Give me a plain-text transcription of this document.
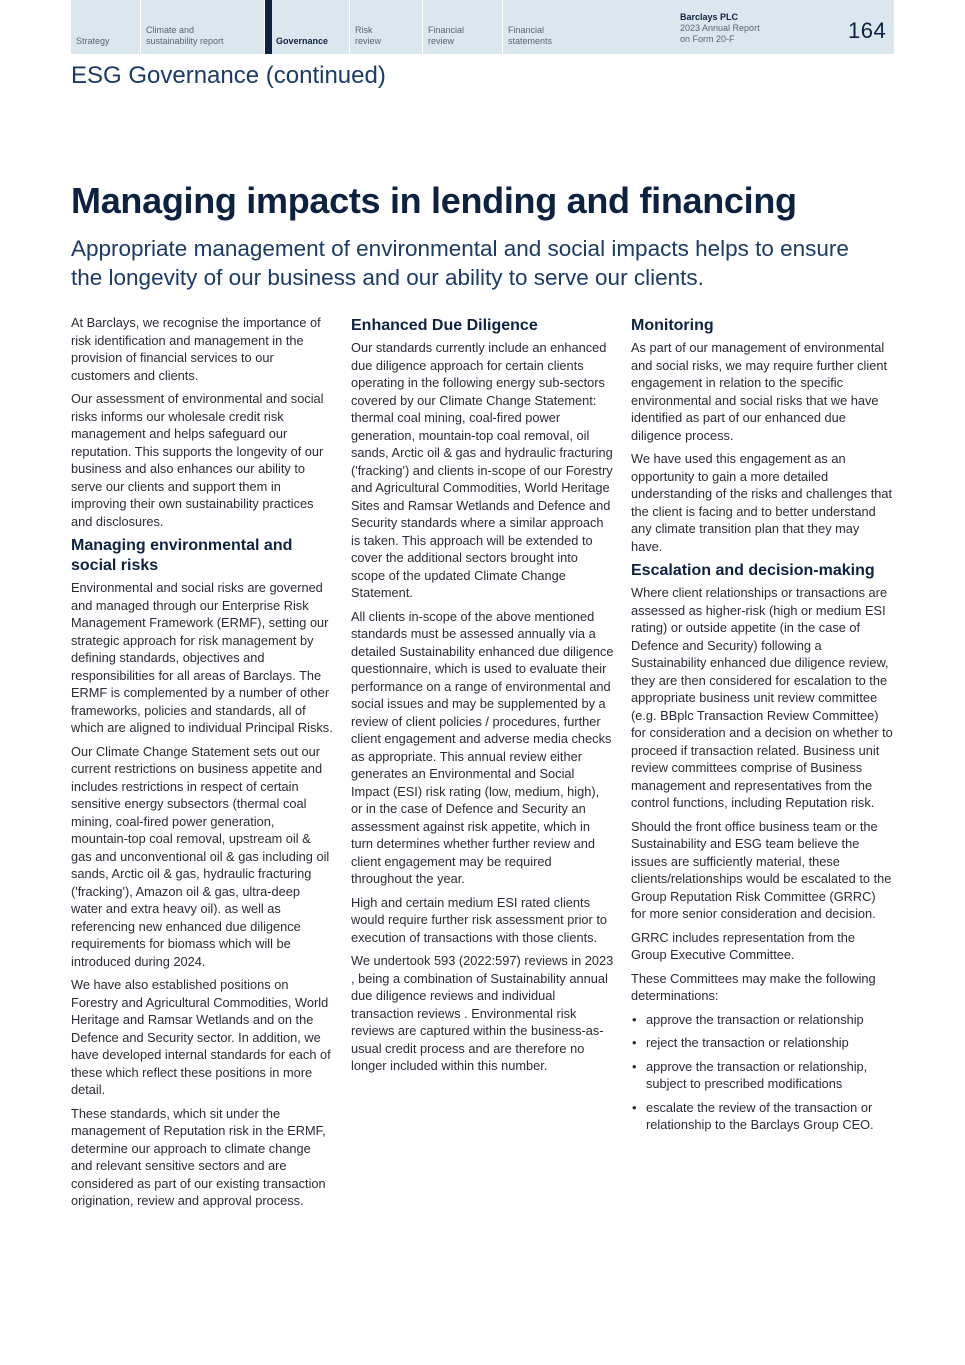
Strategy
Climate and
sustainability report	Governance
Risk
review
Financial
review
Financial
statements
Barclays PLC
2023 Annual Report
on Form 20-F	164
ESG Governance (continued)
Managing impacts in lending and financing

Appropriate management of environmental and social impacts helps to ensure the longevity of our business and our ability to serve our clients.

At Barclays, we recognise the importance of risk identification and management in the provision of financial services to our customers and clients.

Our assessment of environmental and social risks informs our wholesale credit risk management and helps safeguard our reputation. This supports the longevity of our business and also enhances our ability to serve our clients and support them in improving their own sustainability practices and disclosures.

Managing environmental and social risks

Environmental and social risks are governed and managed through our Enterprise Risk Management Framework (ERMF), setting our strategic approach for risk management by defining standards, objectives and responsibilities for all areas of Barclays. The ERMF is complemented by a number of other frameworks, policies and standards, all of which are aligned to individual Principal Risks.

Our Climate Change Statement sets out our current restrictions on business appetite and includes restrictions in respect of certain sensitive energy subsectors (thermal coal mining, coal-fired power generation, mountain-top coal removal, upstream oil & gas and unconventional oil & gas including oil sands, Arctic oil & gas, hydraulic fracturing ('fracking'), Amazon oil & gas, ultra-deep water and extra heavy oil). as well as referencing new enhanced due diligence requirements for biomass which will be introduced during 2024.

We have also established positions on Forestry and Agricultural Commodities, World Heritage and Ramsar Wetlands and on the Defence and Security sector. In addition, we have developed internal standards for each of these which reflect these positions in more detail.

These standards, which sit under the management of Reputation risk in the ERMF, determine our approach to climate change and relevant sensitive sectors and are considered as part of our existing transaction origination, review and approval process.

Enhanced Due Diligence

Our standards currently include an enhanced due diligence approach for certain clients operating in the following energy sub-sectors covered by our Climate Change Statement: thermal coal mining, coal-fired power generation, mountain-top coal removal, oil sands, Arctic oil & gas and hydraulic fracturing ('fracking') and clients in-scope of our Forestry and Agricultural Commodities, World Heritage Sites and Ramsar Wetlands and Defence and Security standards where a similar approach is taken. This approach will be extended to cover the additional sectors brought into scope of the updated Climate Change Statement.

All clients in-scope of the above mentioned standards must be assessed annually via a detailed Sustainability enhanced due diligence questionnaire, which is used to evaluate their performance on a range of environmental and social issues and may be supplemented by a review of client policies / procedures, further client engagement and adverse media checks as appropriate. This annual review either generates an Environmental and Social Impact (ESI) risk rating (low, medium, high), or in the case of Defence and Security an assessment against risk appetite, which in turn determines whether further review and client engagement may be required throughout the year.

High and certain medium ESI rated clients would require further risk assessment prior to execution of transactions with those clients.

We undertook 593 (2022:597) reviews in 2023 , being a combination of Sustainability annual due diligence reviews and individual transaction reviews . Environmental risk reviews are captured within the business-as-usual credit process and are therefore no longer included within this number.

Monitoring

As part of our management of environmental and social risks, we may require further client engagement in relation to the specific environmental and social risks that we have identified as part of our enhanced due diligence process.

We have used this engagement as an opportunity to gain a more detailed understanding of the risks and challenges that the client is facing and to better understand any climate transition plan that they may have.

Escalation and decision-making

Where client relationships or transactions are assessed as higher-risk (high or medium ESI rating) or outside appetite (in the case of Defence and Security) following a Sustainability enhanced due diligence review, they are then considered for escalation to the appropriate business unit review committee (e.g. BBplc Transaction Review Committee) for consideration and a decision on whether to proceed if transaction related. Business unit review committees comprise of Business management and representatives from the control functions, including Reputation risk.

Should the front office business team or the Sustainability and ESG team believe the issues are sufficiently material, these clients/relationships would be escalated to the Group Reputation Risk Committee (GRRC) for more senior consideration and decision.

GRRC includes representation from the Group Executive Committee.

These Committees may make the following determinations:

• approve the transaction or relationship
• reject the transaction or relationship
• approve the transaction or relationship, subject to prescribed modifications
• escalate the review of the transaction or relationship to the Barclays Group CEO.
